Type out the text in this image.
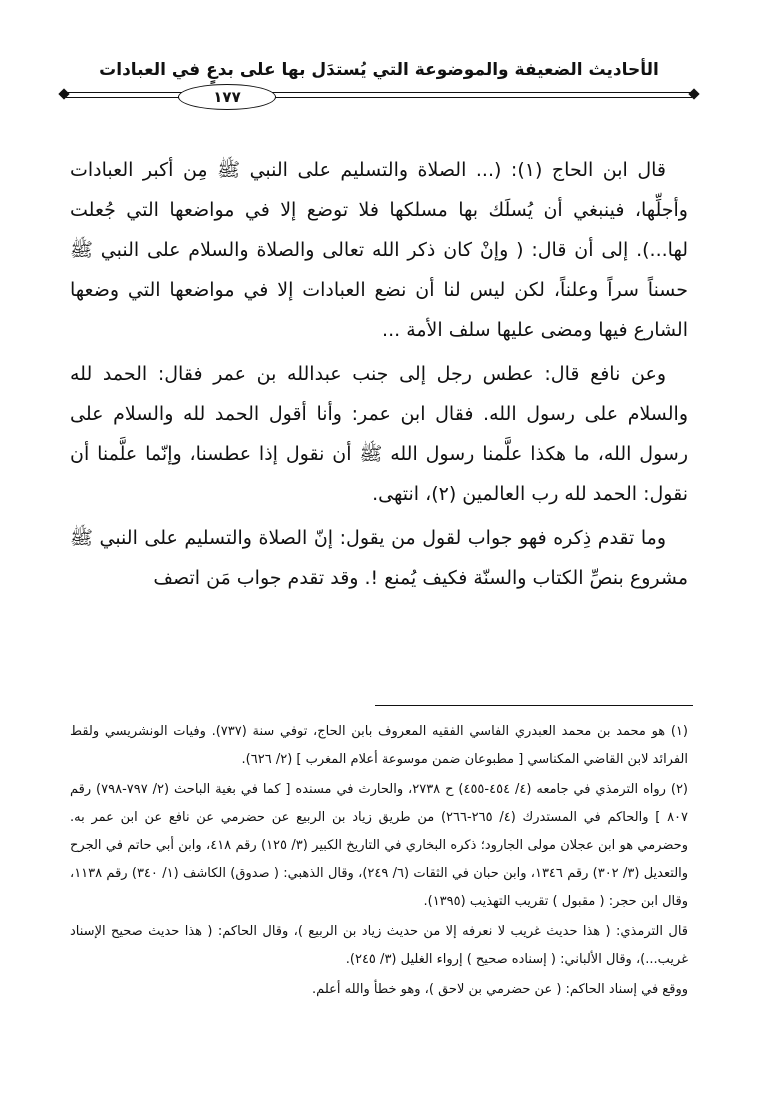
الأحاديث الضعيفة والموضوعة التي يُستدَل بها على بدعٍ في العبادات
١٧٧

قال ابن الحاج (١): (... الصلاة والتسليم على النبي ﷺ مِن أكبر العبادات وأجلِّها، فينبغي أن يُسلَك بها مسلكها فلا توضع إلا في مواضعها التي جُعلت لها...). إلى أن قال: ( وإنْ كان ذكر الله تعالى والصلاة والسلام على النبي ﷺ حسناً سراً وعلناً، لكن ليس لنا أن نضع العبادات إلا في مواضعها التي وضعها الشارع فيها ومضى عليها سلف الأمة ...

وعن نافع قال: عطس رجل إلى جنب عبدالله بن عمر فقال: الحمد لله والسلام على رسول الله. فقال ابن عمر: وأنا أقول الحمد لله والسلام على رسول الله، ما هكذا علَّمنا رسول الله ﷺ أن نقول إذا عطسنا، وإنّما علَّمنا أن نقول: الحمد لله رب العالمين (٢)، انتهى.

وما تقدم ذِكره فهو جواب لقول من يقول: إنّ الصلاة والتسليم على النبي ﷺ مشروع بنصِّ الكتاب والسنّة فكيف يُمنع !. وقد تقدم جواب مَن اتصف

(١) هو محمد بن محمد العبدري الفاسي الفقيه المعروف بابن الحاج، توفي سنة (٧٣٧). وفيات الونشريسي ولقط الفرائد لابن القاضي المكناسي [ مطبوعان ضمن موسوعة أعلام المغرب ] (٢/ ٦٢٦).

(٢) رواه الترمذي في جامعه (٤/ ٤٥٤-٤٥٥) ح ٢٧٣٨، والحارث في مسنده [ كما في بغية الباحث (٢/ ٧٩٧-٧٩٨) رقم ٨٠٧ ] والحاكم في المستدرك (٤/ ٢٦٥-٢٦٦) من طريق زياد بن الربيع عن حضرمي عن نافع عن ابن عمر به. وحضرمي هو ابن عجلان مولى الجارود؛ ذكره البخاري في التاريخ الكبير (٣/ ١٢٥) رقم ٤١٨، وابن أبي حاتم في الجرح والتعديل (٣/ ٣٠٢) رقم ١٣٤٦، وابن حبان في الثقات (٦/ ٢٤٩)، وقال الذهبي: ( صدوق) الكاشف (١/ ٣٤٠) رقم ١١٣٨، وقال ابن حجر: ( مقبول ) تقريب التهذيب (١٣٩٥).

قال الترمذي: ( هذا حديث غريب لا نعرفه إلا من حديث زياد بن الربيع )، وقال الحاكم: ( هذا حديث صحيح الإسناد غريب...)، وقال الألباني: ( إسناده صحيح ) إرواء الغليل (٣/ ٢٤٥).

ووقع في إسناد الحاكم: ( عن حضرمي بن لاحق )، وهو خطأ والله أعلم.
